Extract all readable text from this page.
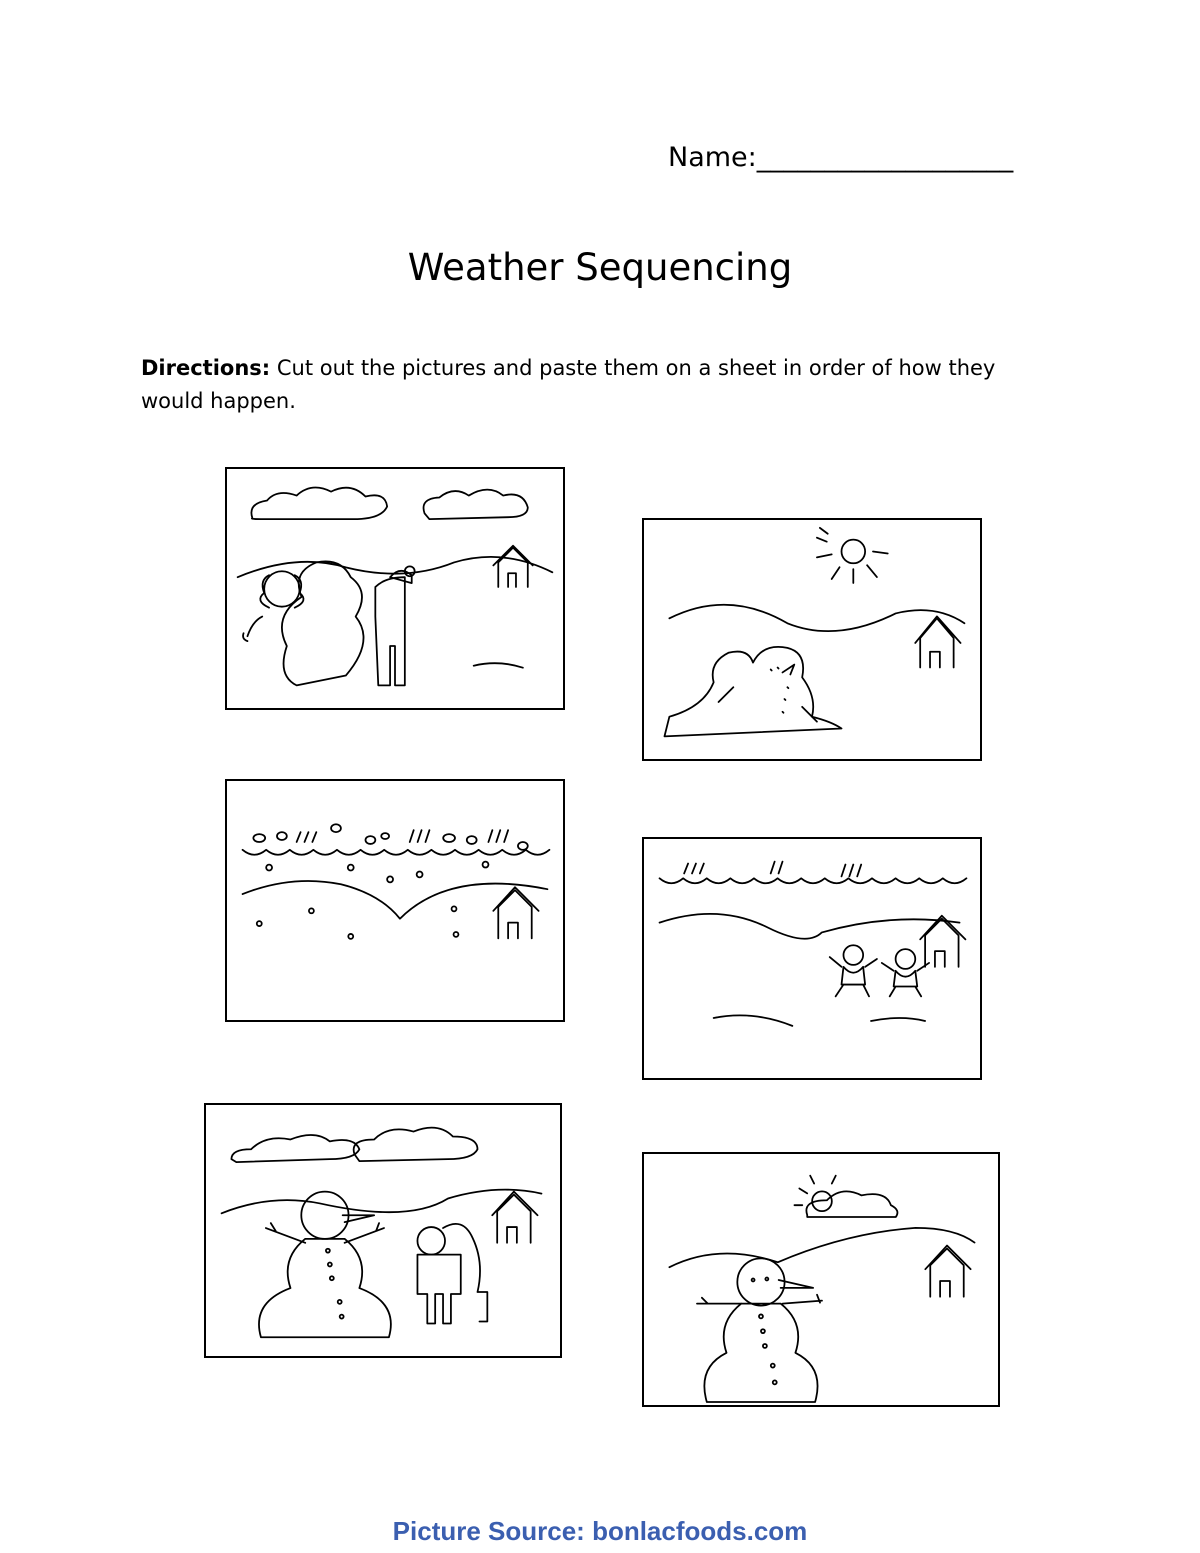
Name:___________________
Weather Sequencing
Directions: Cut out the pictures and paste them on a sheet in order of how they would happen.
Picture Source: bonlacfoods.com
